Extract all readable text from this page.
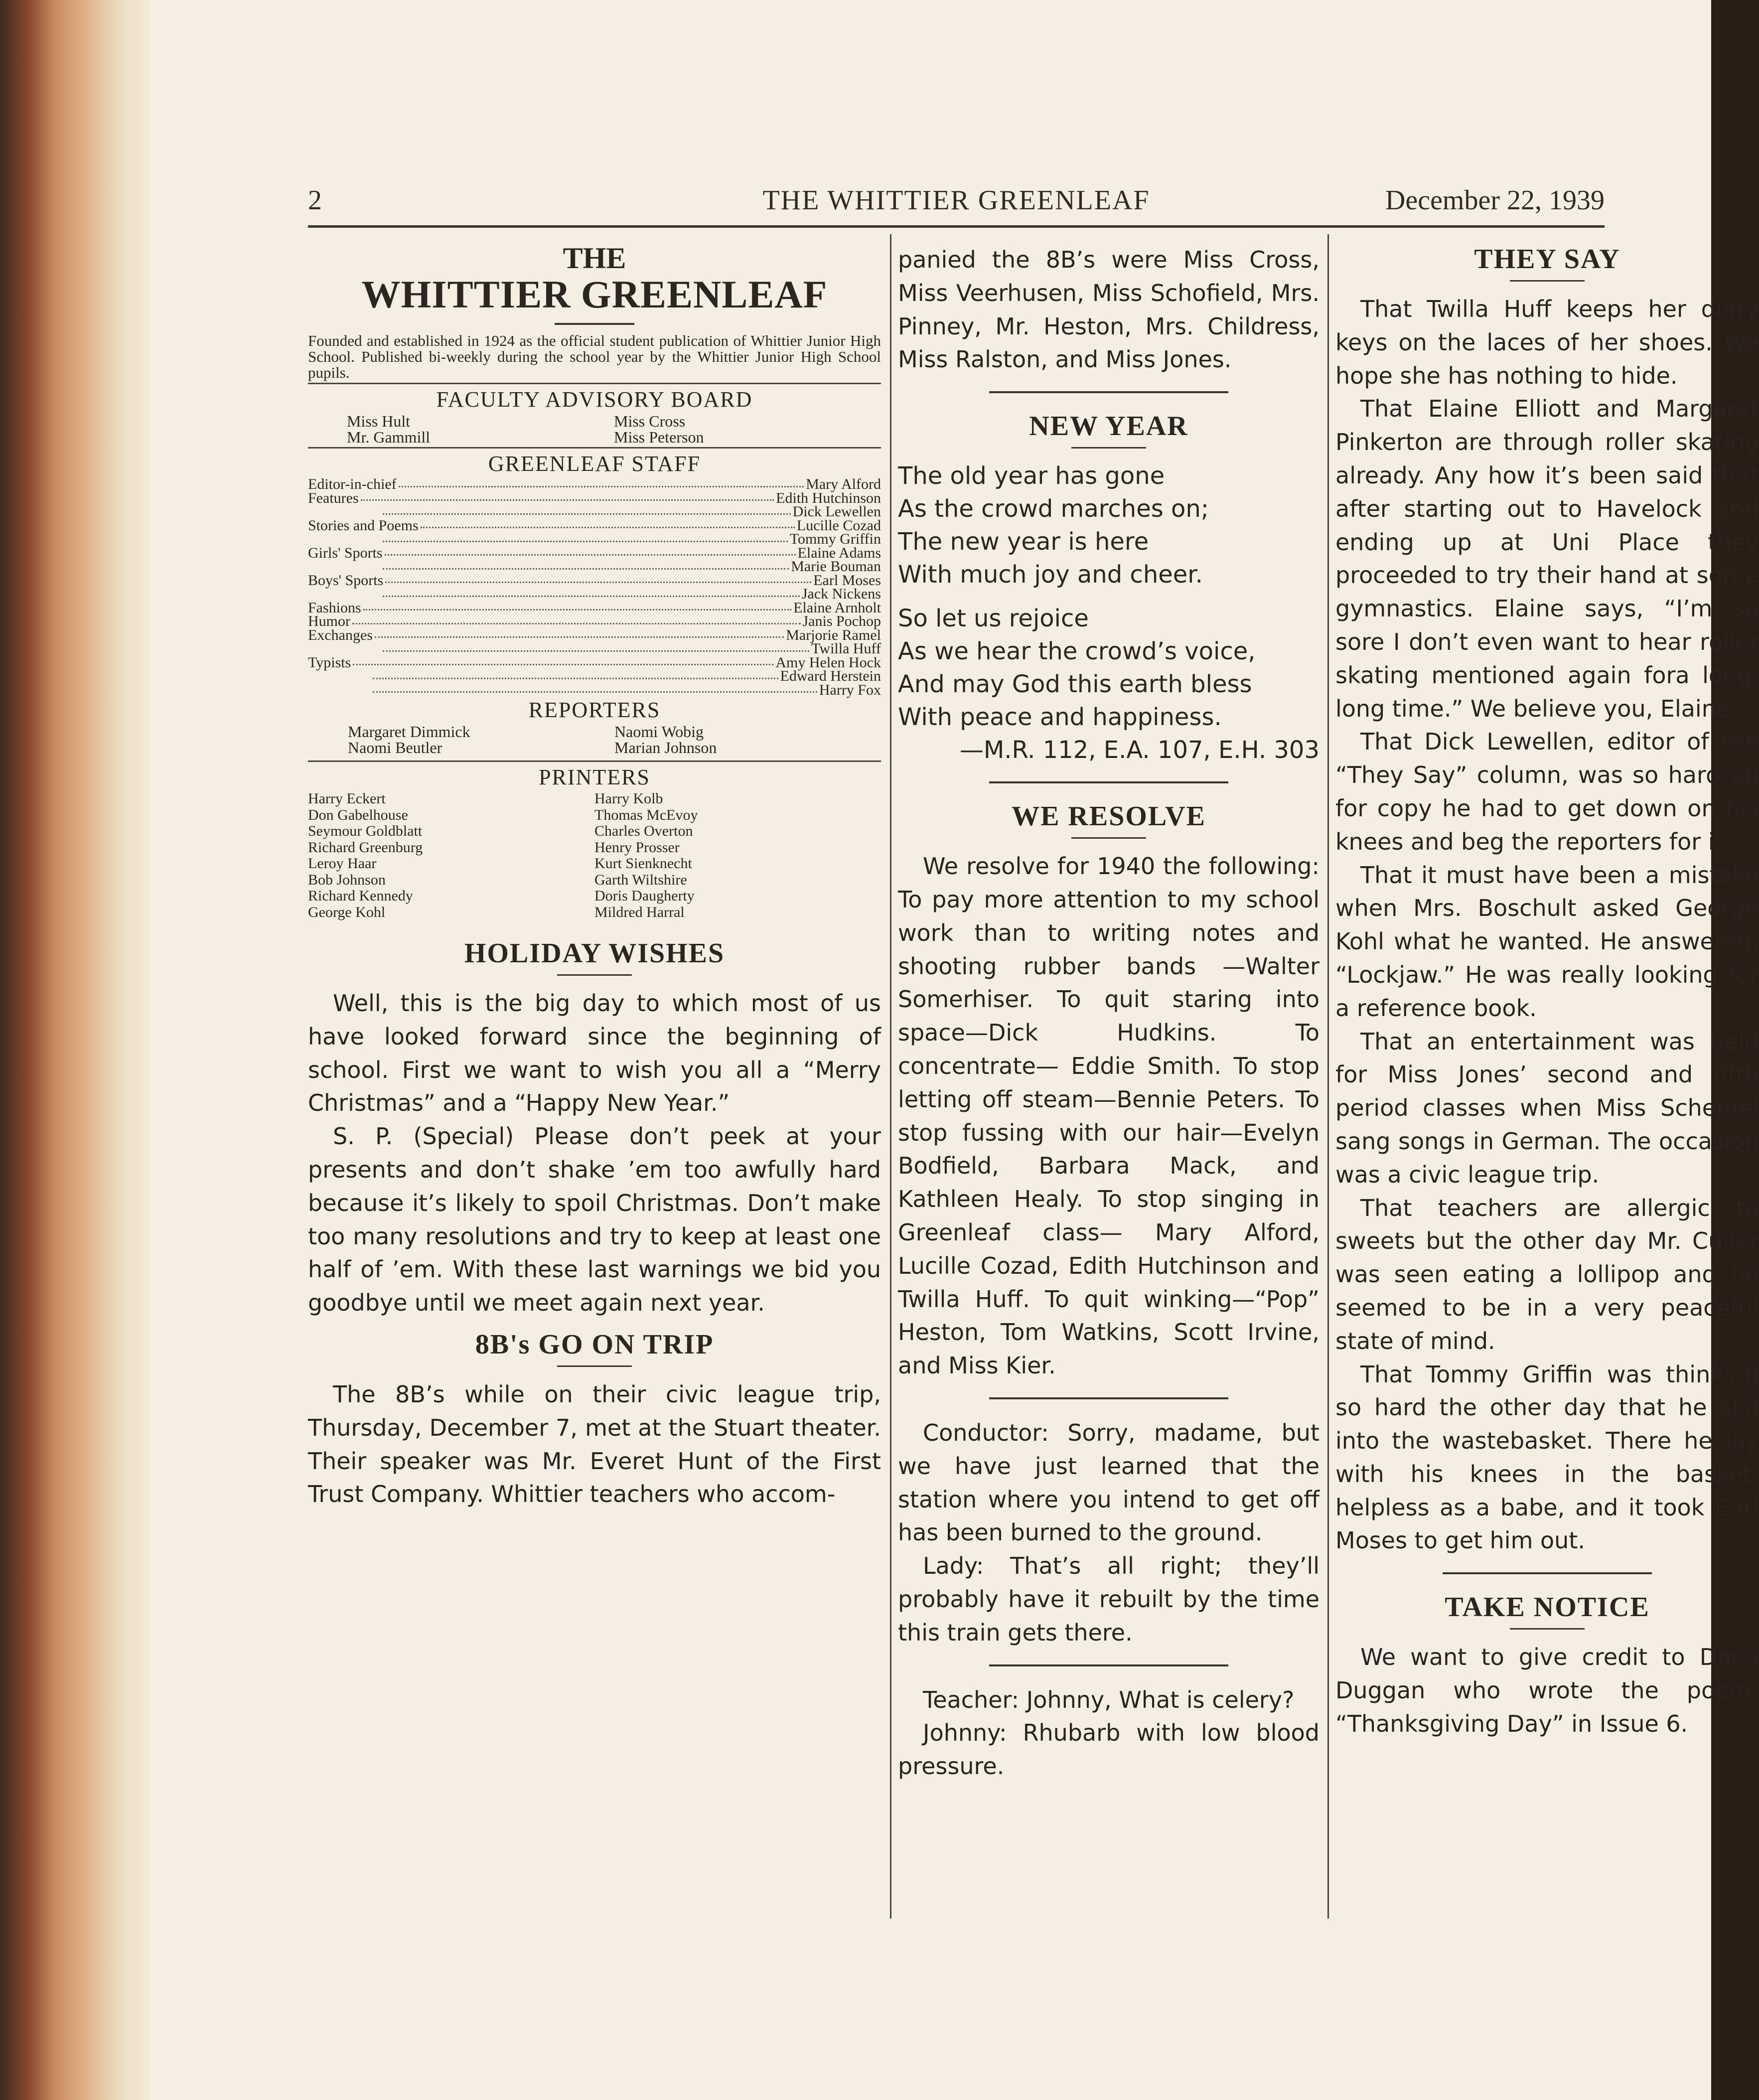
2	THE WHITTIER GREENLEAF	December 22, 1939
THE
WHITTIER GREENLEAF

Founded and established in 1924 as the official student publication of Whittier Junior High School. Published bi-weekly during the school year by the Whittier Junior High School pupils.

FACULTY ADVISORY BOARD
Miss Hult	Miss Cross
Mr. Gammill	Miss Peterson
GREENLEAF STAFF
Editor-in-chief	Mary Alford
Features	Edith Hutchinson
Dick Lewellen
Stories and Poems	Lucille Cozad
Tommy Griffin
Girls' Sports	Elaine Adams
Marie Bouman
Boys' Sports	Earl Moses
Jack Nickens
Fashions	Elaine Arnholt
Humor	Janis Pochop
Exchanges	Marjorie Ramel
Twilla Huff
Typists	Amy Helen Hock
Edward Herstein
Harry Fox
REPORTERS
Margaret Dimmick	Naomi Wobig
Naomi Beutler	Marian Johnson
PRINTERS
Harry Eckert	Harry Kolb
Don Gabelhouse	Thomas McEvoy
Seymour Goldblatt	Charles Overton
Richard Greenburg	Henry Prosser
Leroy Haar	Kurt Sienknecht
Bob Johnson	Garth Wiltshire
Richard Kennedy	Doris Daugherty
George Kohl	Mildred Harral
HOLIDAY WISHES

Well, this is the big day to which most of us have looked forward since the beginning of school. First we want to wish you all a “Merry Christmas” and a “Happy New Year.”

S. P. (Special) Please don’t peek at your presents and don’t shake ’em too awfully hard because it’s likely to spoil Christmas. Don’t make too many resolutions and try to keep at least one half of ’em. With these last warnings we bid you goodbye until we meet again next year.

8B's GO ON TRIP

The 8B’s while on their civic league trip, Thursday, December 7, met at the Stuart theater. Their speaker was Mr. Everet Hunt of the First Trust Company. Whittier teachers who accom-

THEY SAY

That Twilla Huff keeps her diary keys on the laces of her shoes. We hope she has nothing to hide.

That Elaine Elliott and Margaret Pinkerton are through roller skating already. Any how it’s been said that after starting out to Havelock and ending up at Uni Place they proceeded to try their hand at some gymnastics. Elaine says, “I’m so sore I don’t even want to hear roller skating mentioned again fora long, long time.” We believe you, Elaine.

That Dick Lewellen, editor of the “They Say” column, was so hard up for copy he had to get down on his knees and beg the reporters for it.

That it must have been a mistake when Mrs. Boschult asked George Kohl what he wanted. He answered, “Lockjaw.” He was really looking for a reference book.

That an entertainment was held for Miss Jones’ second and fifth period classes when Miss Schemel sang songs in German. The occasion was a civic league trip.

That teachers are allergic to sweets but the other day Mr. Culler was seen eating a lollipop and he seemed to be in a very peaceful state of mind.

That Tommy Griffin was thinking so hard the other day that he slid into the wastebasket. There he lay with his knees in the basket, helpless as a babe, and it took Earl Moses to get him out.

TAKE NOTICE

We want to give credit to Doris Duggan who wrote the poem, “Thanksgiving Day” in Issue 6.

panied the 8B’s were Miss Cross, Miss Veerhusen, Miss Schofield, Mrs. Pinney, Mr. Heston, Mrs. Childress, Miss Ralston, and Miss Jones.

NEW YEAR

The old year has gone

As the crowd marches on;

The new year is here

With much joy and cheer.

So let us rejoice

As we hear the crowd’s voice,

And may God this earth bless

With peace and happiness.

—M.R. 112, E.A. 107, E.H. 303

WE RESOLVE

We resolve for 1940 the following: To pay more attention to my school work than to writing notes and shooting rubber bands —Walter Somerhiser. To quit staring into space—Dick Hudkins. To concentrate— Eddie Smith. To stop letting off steam—Bennie Peters. To stop fussing with our hair—Evelyn Bodfield, Barbara Mack, and Kathleen Healy. To stop singing in Greenleaf class— Mary Alford, Lucille Cozad, Edith Hutchinson and Twilla Huff. To quit winking—“Pop” Heston, Tom Watkins, Scott Irvine, and Miss Kier.

Conductor: Sorry, madame, but we have just learned that the station where you intend to get off has been burned to the ground.

Lady: That’s all right; they’ll probably have it rebuilt by the time this train gets there.

Teacher: Johnny, What is celery?

Johnny: Rhubarb with low blood pressure.
